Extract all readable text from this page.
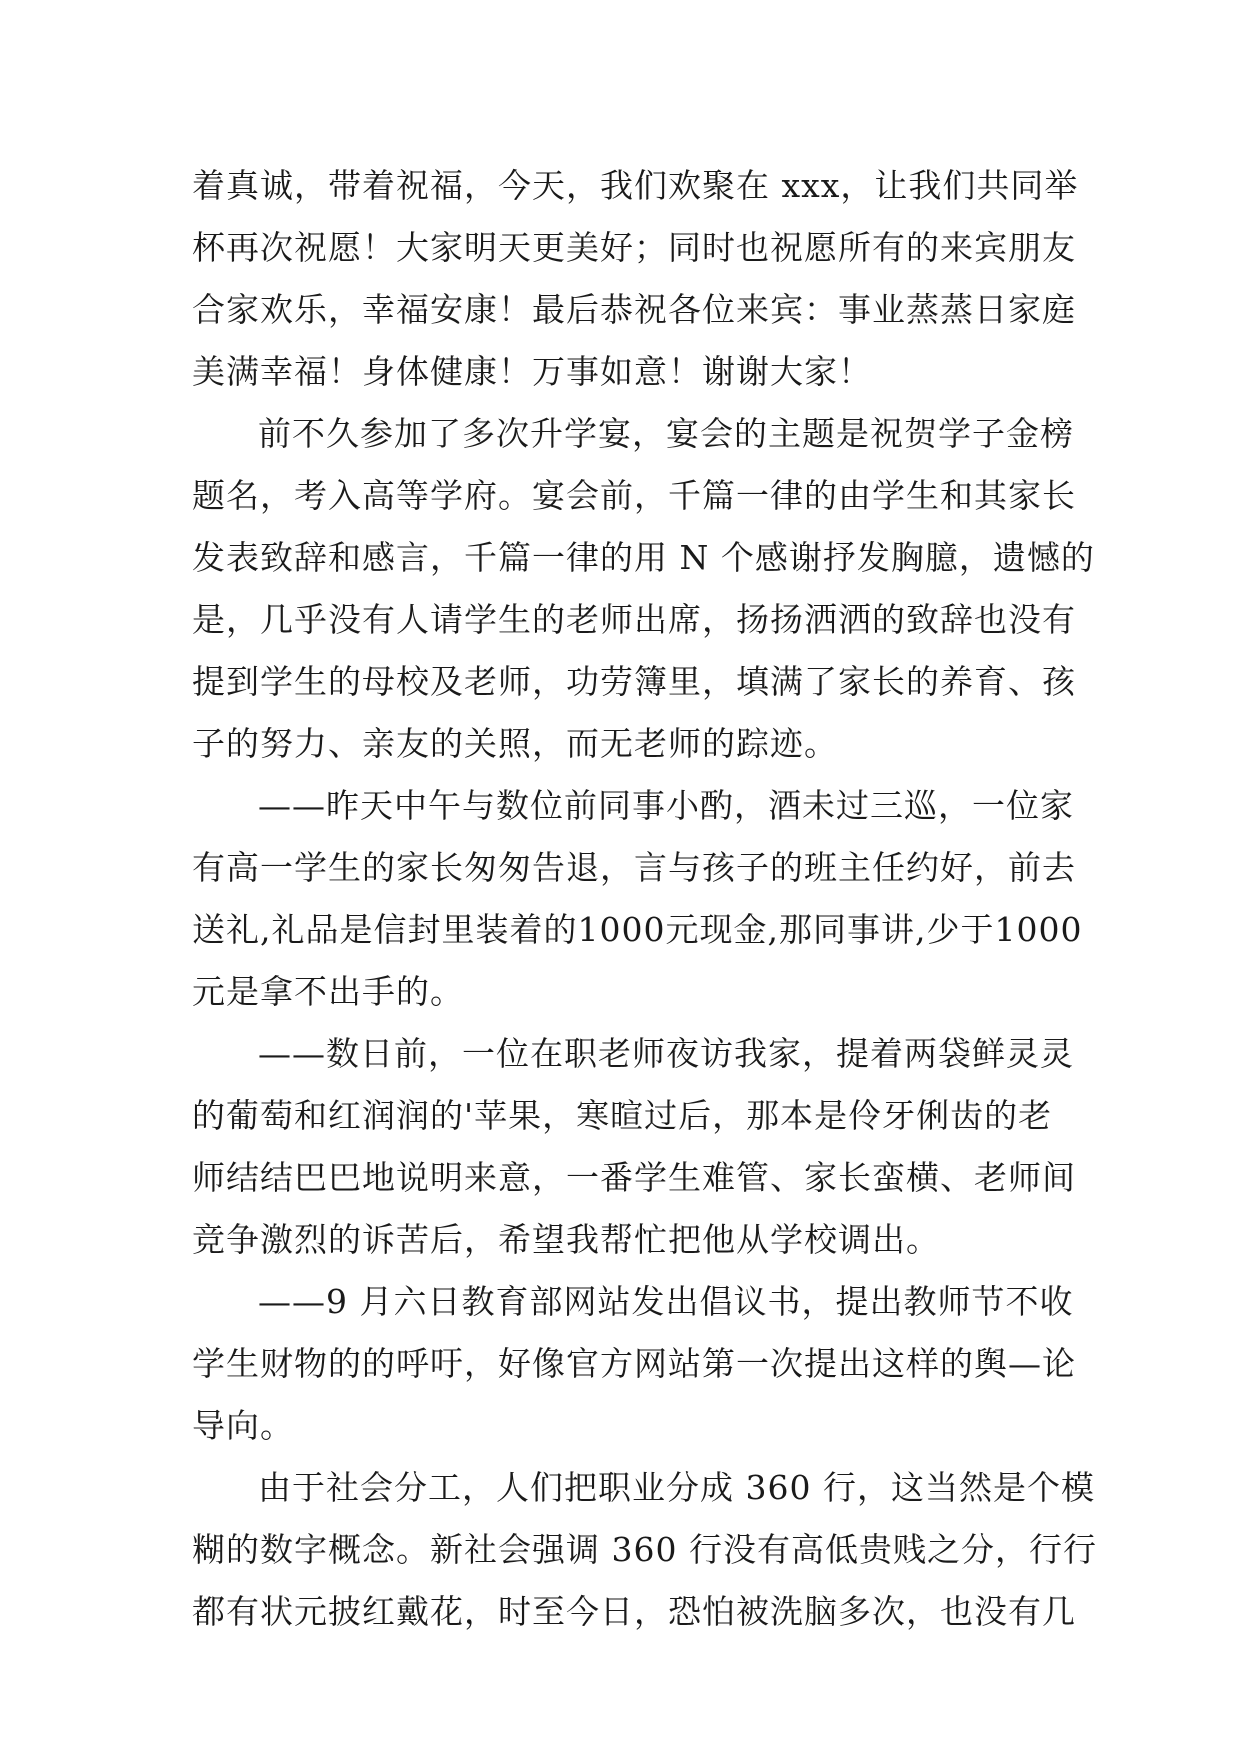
着真诚，带着祝福，今天，我们欢聚在 xxx，让我们共同举
杯再次祝愿！大家明天更美好；同时也祝愿所有的来宾朋友
合家欢乐，幸福安康！最后恭祝各位来宾：事业蒸蒸日家庭
美满幸福！身体健康！万事如意！谢谢大家！
前不久参加了多次升学宴，宴会的主题是祝贺学子金榜
题名，考入高等学府。宴会前，千篇一律的由学生和其家长
发表致辞和感言，千篇一律的用 N 个感谢抒发胸臆，遗憾的
是，几乎没有人请学生的老师出席，扬扬洒洒的致辞也没有
提到学生的母校及老师，功劳簿里，填满了家长的养育、孩
子的努力、亲友的关照，而无老师的踪迹。
——昨天中午与数位前同事小酌，酒未过三巡，一位家
有高一学生的家长匆匆告退，言与孩子的班主任约好，前去
送礼,礼品是信封里装着的1000元现金,那同事讲,少于1000
元是拿不出手的。
——数日前，一位在职老师夜访我家，提着两袋鲜灵灵
的葡萄和红润润的'苹果，寒暄过后，那本是伶牙俐齿的老
师结结巴巴地说明来意，一番学生难管、家长蛮横、老师间
竞争激烈的诉苦后，希望我帮忙把他从学校调出。
——9 月六日教育部网站发出倡议书，提出教师节不收
学生财物的的呼吁，好像官方网站第一次提出这样的舆—论
导向。
由于社会分工，人们把职业分成 360 行，这当然是个模
糊的数字概念。新社会强调 360 行没有高低贵贱之分，行行
都有状元披红戴花，时至今日，恐怕被洗脑多次，也没有几
